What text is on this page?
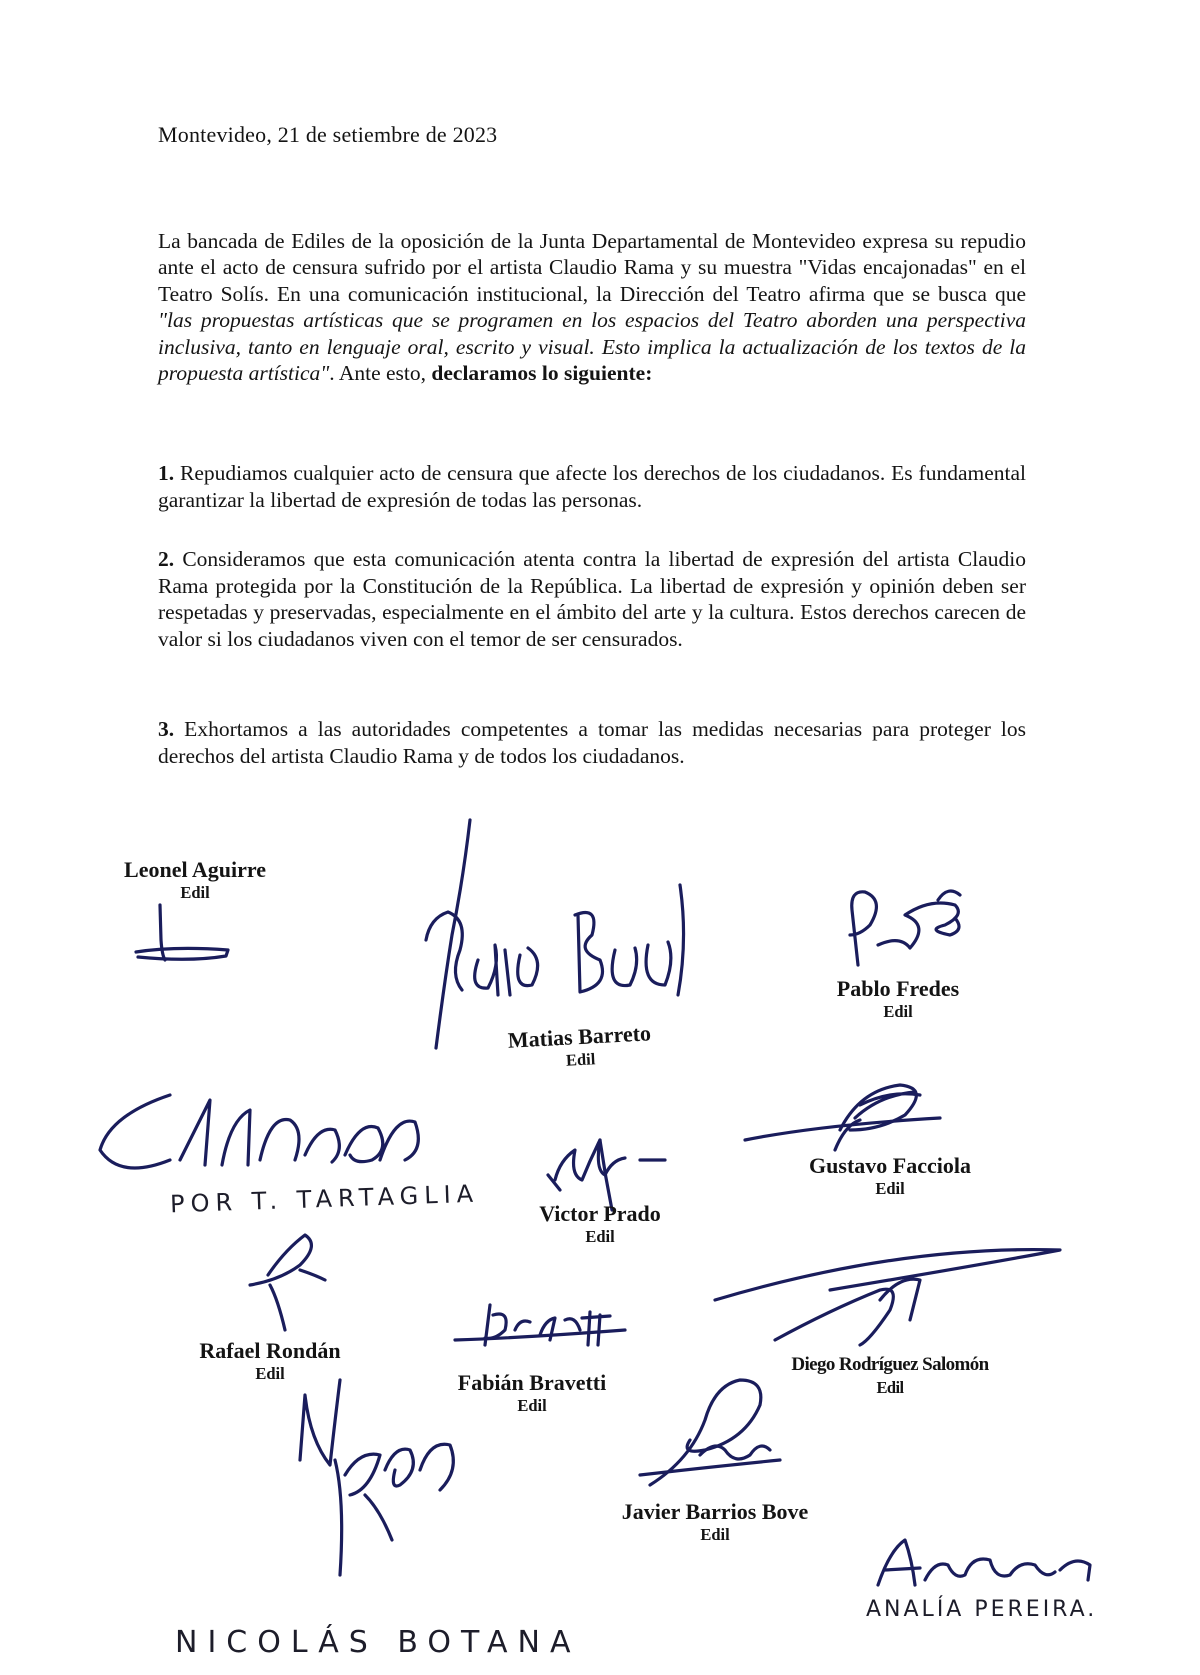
Montevideo, 21 de setiembre de 2023
La bancada de Ediles de la oposición de la Junta Departamental de Montevideo expresa su repudio ante el acto de censura sufrido por el artista Claudio Rama y su muestra "Vidas encajonadas" en el Teatro Solís. En una comunicación institucional, la Dirección del Teatro afirma que se busca que "las propuestas artísticas que se programen en los espacios del Teatro aborden una perspectiva inclusiva, tanto en lenguaje oral, escrito y visual. Esto implica la actualización de los textos de la propuesta artística". Ante esto, declaramos lo siguiente:
1. Repudiamos cualquier acto de censura que afecte los derechos de los ciudadanos. Es fundamental garantizar la libertad de expresión de todas las personas.
2. Consideramos que esta comunicación atenta contra la libertad de expresión del artista Claudio Rama protegida por la Constitución de la República. La libertad de expresión y opinión deben ser respetadas y preservadas, especialmente en el ámbito del arte y la cultura. Estos derechos carecen de valor si los ciudadanos viven con el temor de ser censurados.
3. Exhortamos a las autoridades competentes a tomar las medidas necesarias para proteger los derechos del artista Claudio Rama y de todos los ciudadanos.
Leonel Aguirre
Edil
Matias Barreto
Edil
Pablo Fredes
Edil
Victor Prado
Edil
Gustavo Facciola
Edil
Rafael Rondán
Edil	Fabián Bravetti
Edil
Diego Rodríguez Salomón
Edil
Javier Barrios Bove
Edil
POR T. TARTAGLIA
NICOLÁS BOTANA
ANALÍA PEREIRA.
